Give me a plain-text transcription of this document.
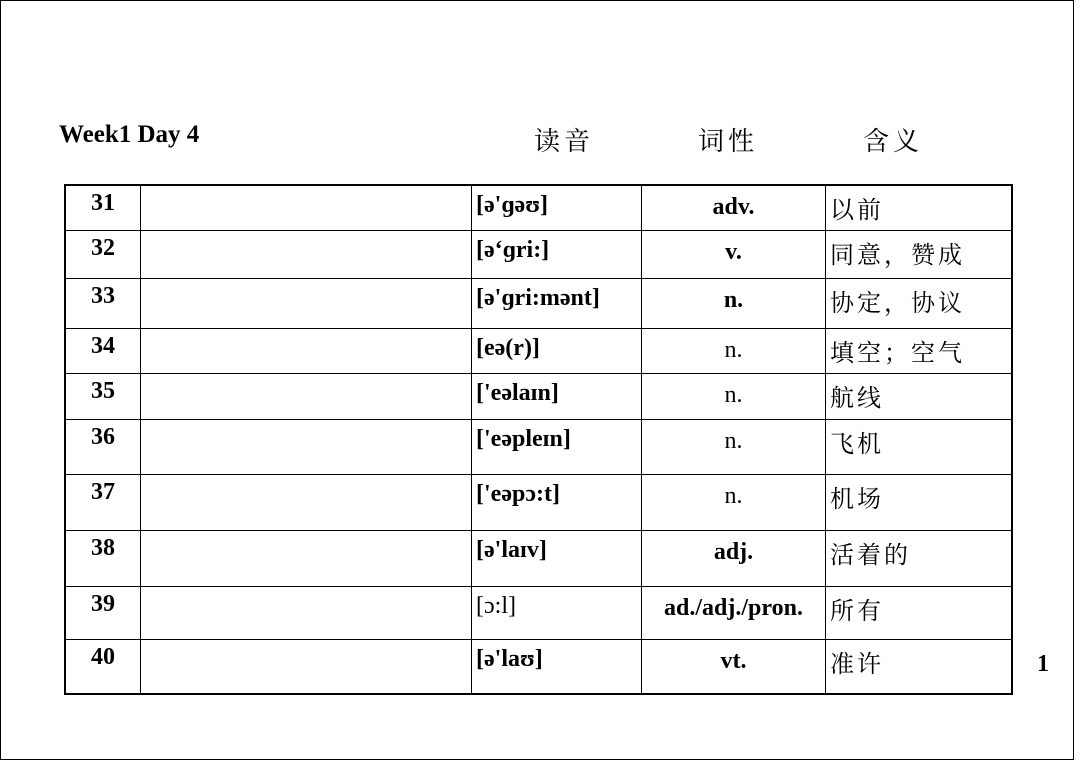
Week1 Day 4	读音	词性	含义
31		[ə'ɡəʊ]	adv.	以前
32		[ə‘ɡri:]	v.	同意，赞成
33		[ə'ɡri:mənt]	n.	协定，协议
34		[eə(r)]	n.	填空；空气
35		['eəlaɪn]	n.	航线
36		['eəpleɪn]	n.	飞机
37		['eəpɔ:t]	n.	机场
38		[ə'laɪv]	adj.	活着的
39		[ɔ:l]	ad./adj./pron.	所有
40		[ə'laʊ]	vt.	准许	1
